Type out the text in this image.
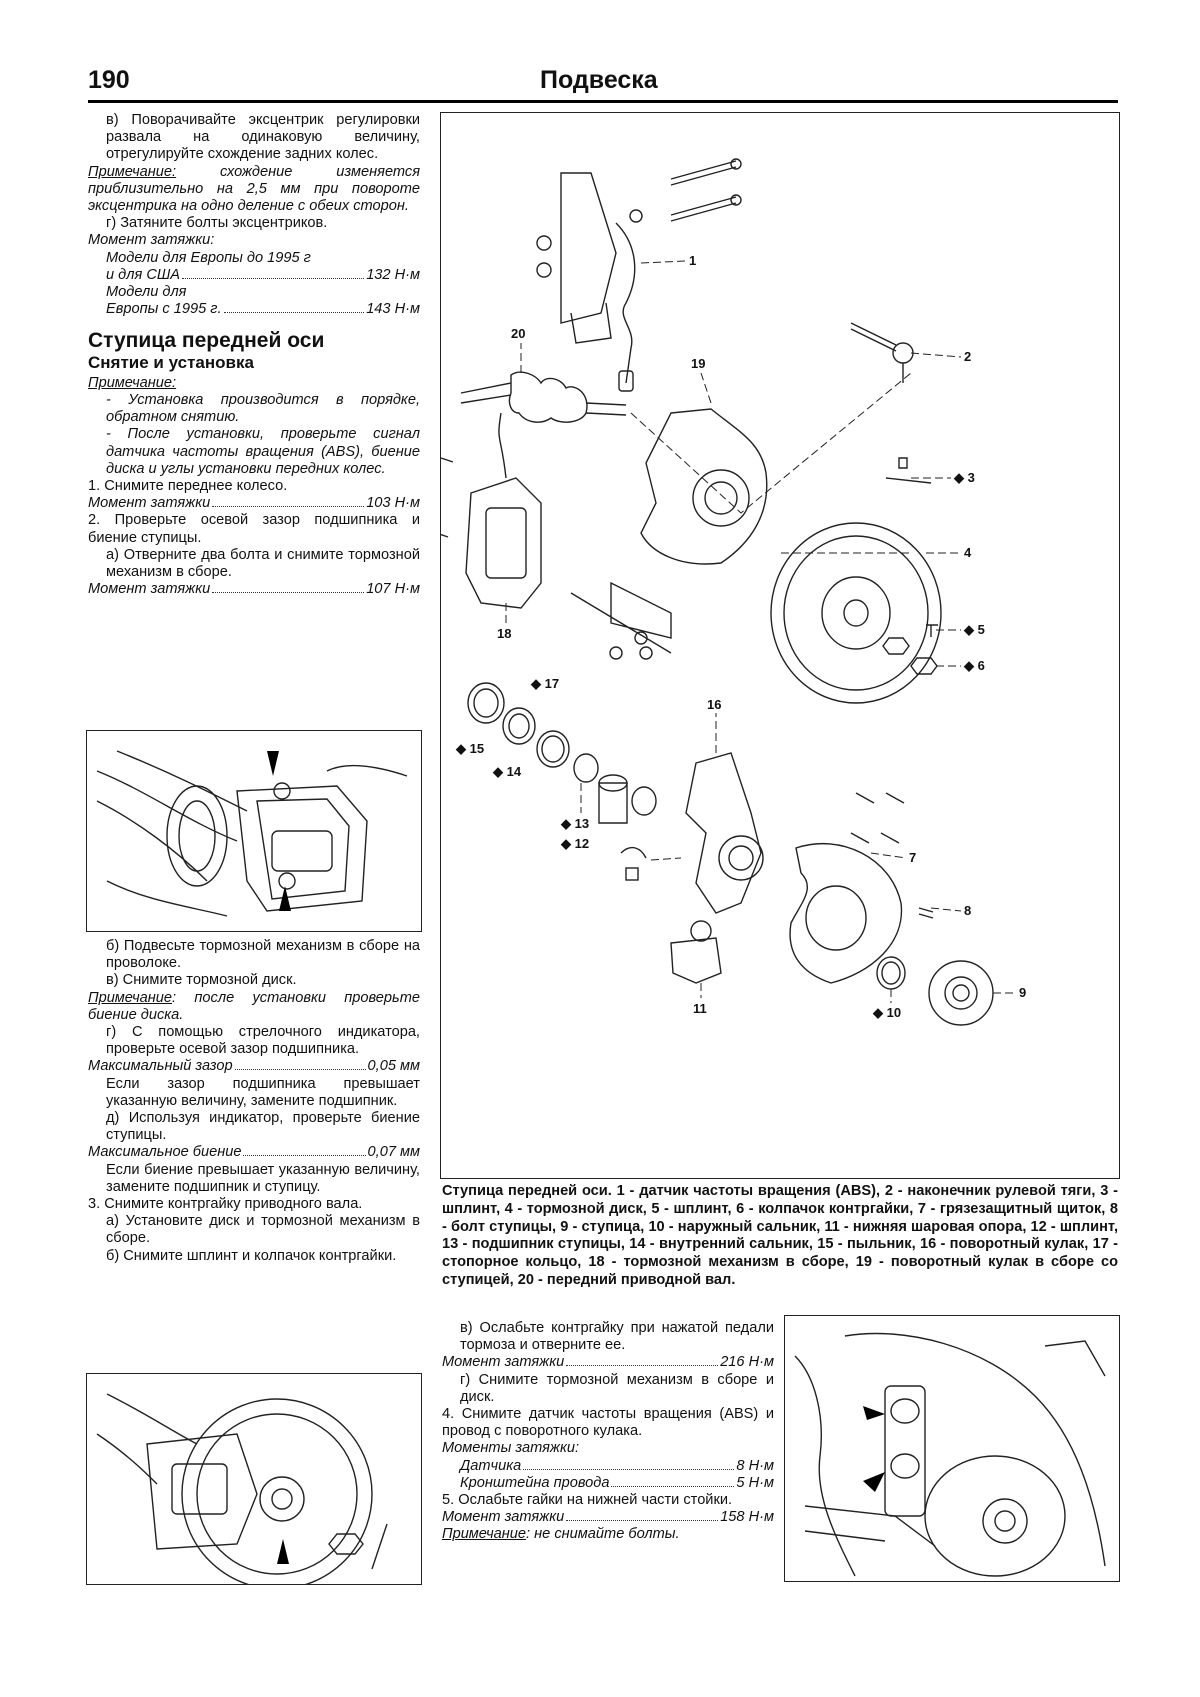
190	Подвеска

в) Поворачивайте эксцентрик регулировки развала на одинаковую величину, отрегулируйте схождение задних колес.

Примечание: схождение изменяется приблизительно на 2,5 мм при повороте эксцентрика на одно деление с обеих сторон.

г) Затяните болты эксцентриков.

Момент затяжки:

Модели для Европы до 1995 г

и для США	132 Н·м

Модели для

Европы с 1995 г.	143 Н·м
Ступица передней оси
Снятие и установка

Примечание:

- Установка производится в порядке, обратном снятию.

- После установки, проверьте сигнал датчика частоты вращения (ABS), биение диска и углы установки передних колес.

1. Снимите переднее колесо.

Момент затяжки	103 Н·м

2. Проверьте осевой зазор подшипника и биение ступицы.

а) Отверните два болта и снимите тормозной механизм в сборе.

Момент затяжки	107 Н·м

б) Подвесьте тормозной механизм в сборе на проволоке.

в) Снимите тормозной диск.

Примечание: после установки проверьте биение диска.

г) С помощью стрелочного индикатора, проверьте осевой зазор подшипника.

Максимальный зазор	0,05 мм

Если зазор подшипника превышает указанную величину, замените подшипник.

д) Используя индикатор, проверьте биение ступицы.

Максимальное биение	0,07 мм

Если биение превышает указанную величину, замените подшипник и ступицу.

3. Снимите контргайку приводного вала.

а) Установите диск и тормозной механизм в сборе.

б) Снимите шплинт и колпачок контргайки.

1
2
◆ 3
4
◆ 5
◆ 6
7
8
9
◆ 10
11
◆ 12
◆ 13
◆ 14
◆ 15
16
◆ 17
18
19
20
Ступица передней оси. 1 - датчик частоты вращения (ABS), 2 - наконечник рулевой тяги, 3 - шплинт, 4 - тормозной диск, 5 - шплинт, 6 - колпачок контргайки, 7 - грязезащитный щиток, 8 - болт ступицы, 9 - ступица, 10 - наружный сальник, 11 - нижняя шаровая опора, 12 - шплинт, 13 - подшипник ступицы, 14 - внутренний сальник, 15 - пыльник, 16 - поворотный кулак, 17 - стопорное кольцо, 18 - тормозной механизм в сборе, 19 - поворотный кулак в сборе со ступицей, 20 - передний приводной вал.

в) Ослабьте контргайку при нажатой педали тормоза и отверните ее.

Момент затяжки	216 Н·м

г) Снимите тормозной механизм в сборе и диск.

4. Снимите датчик частоты вращения (ABS) и провод с поворотного кулака.

Моменты затяжки:

Датчика	8 Н·м
Кронштейна провода	5 Н·м

5. Ослабьте гайки на нижней части стойки.

Момент затяжки	158 Н·м

Примечание: не снимайте болты.
